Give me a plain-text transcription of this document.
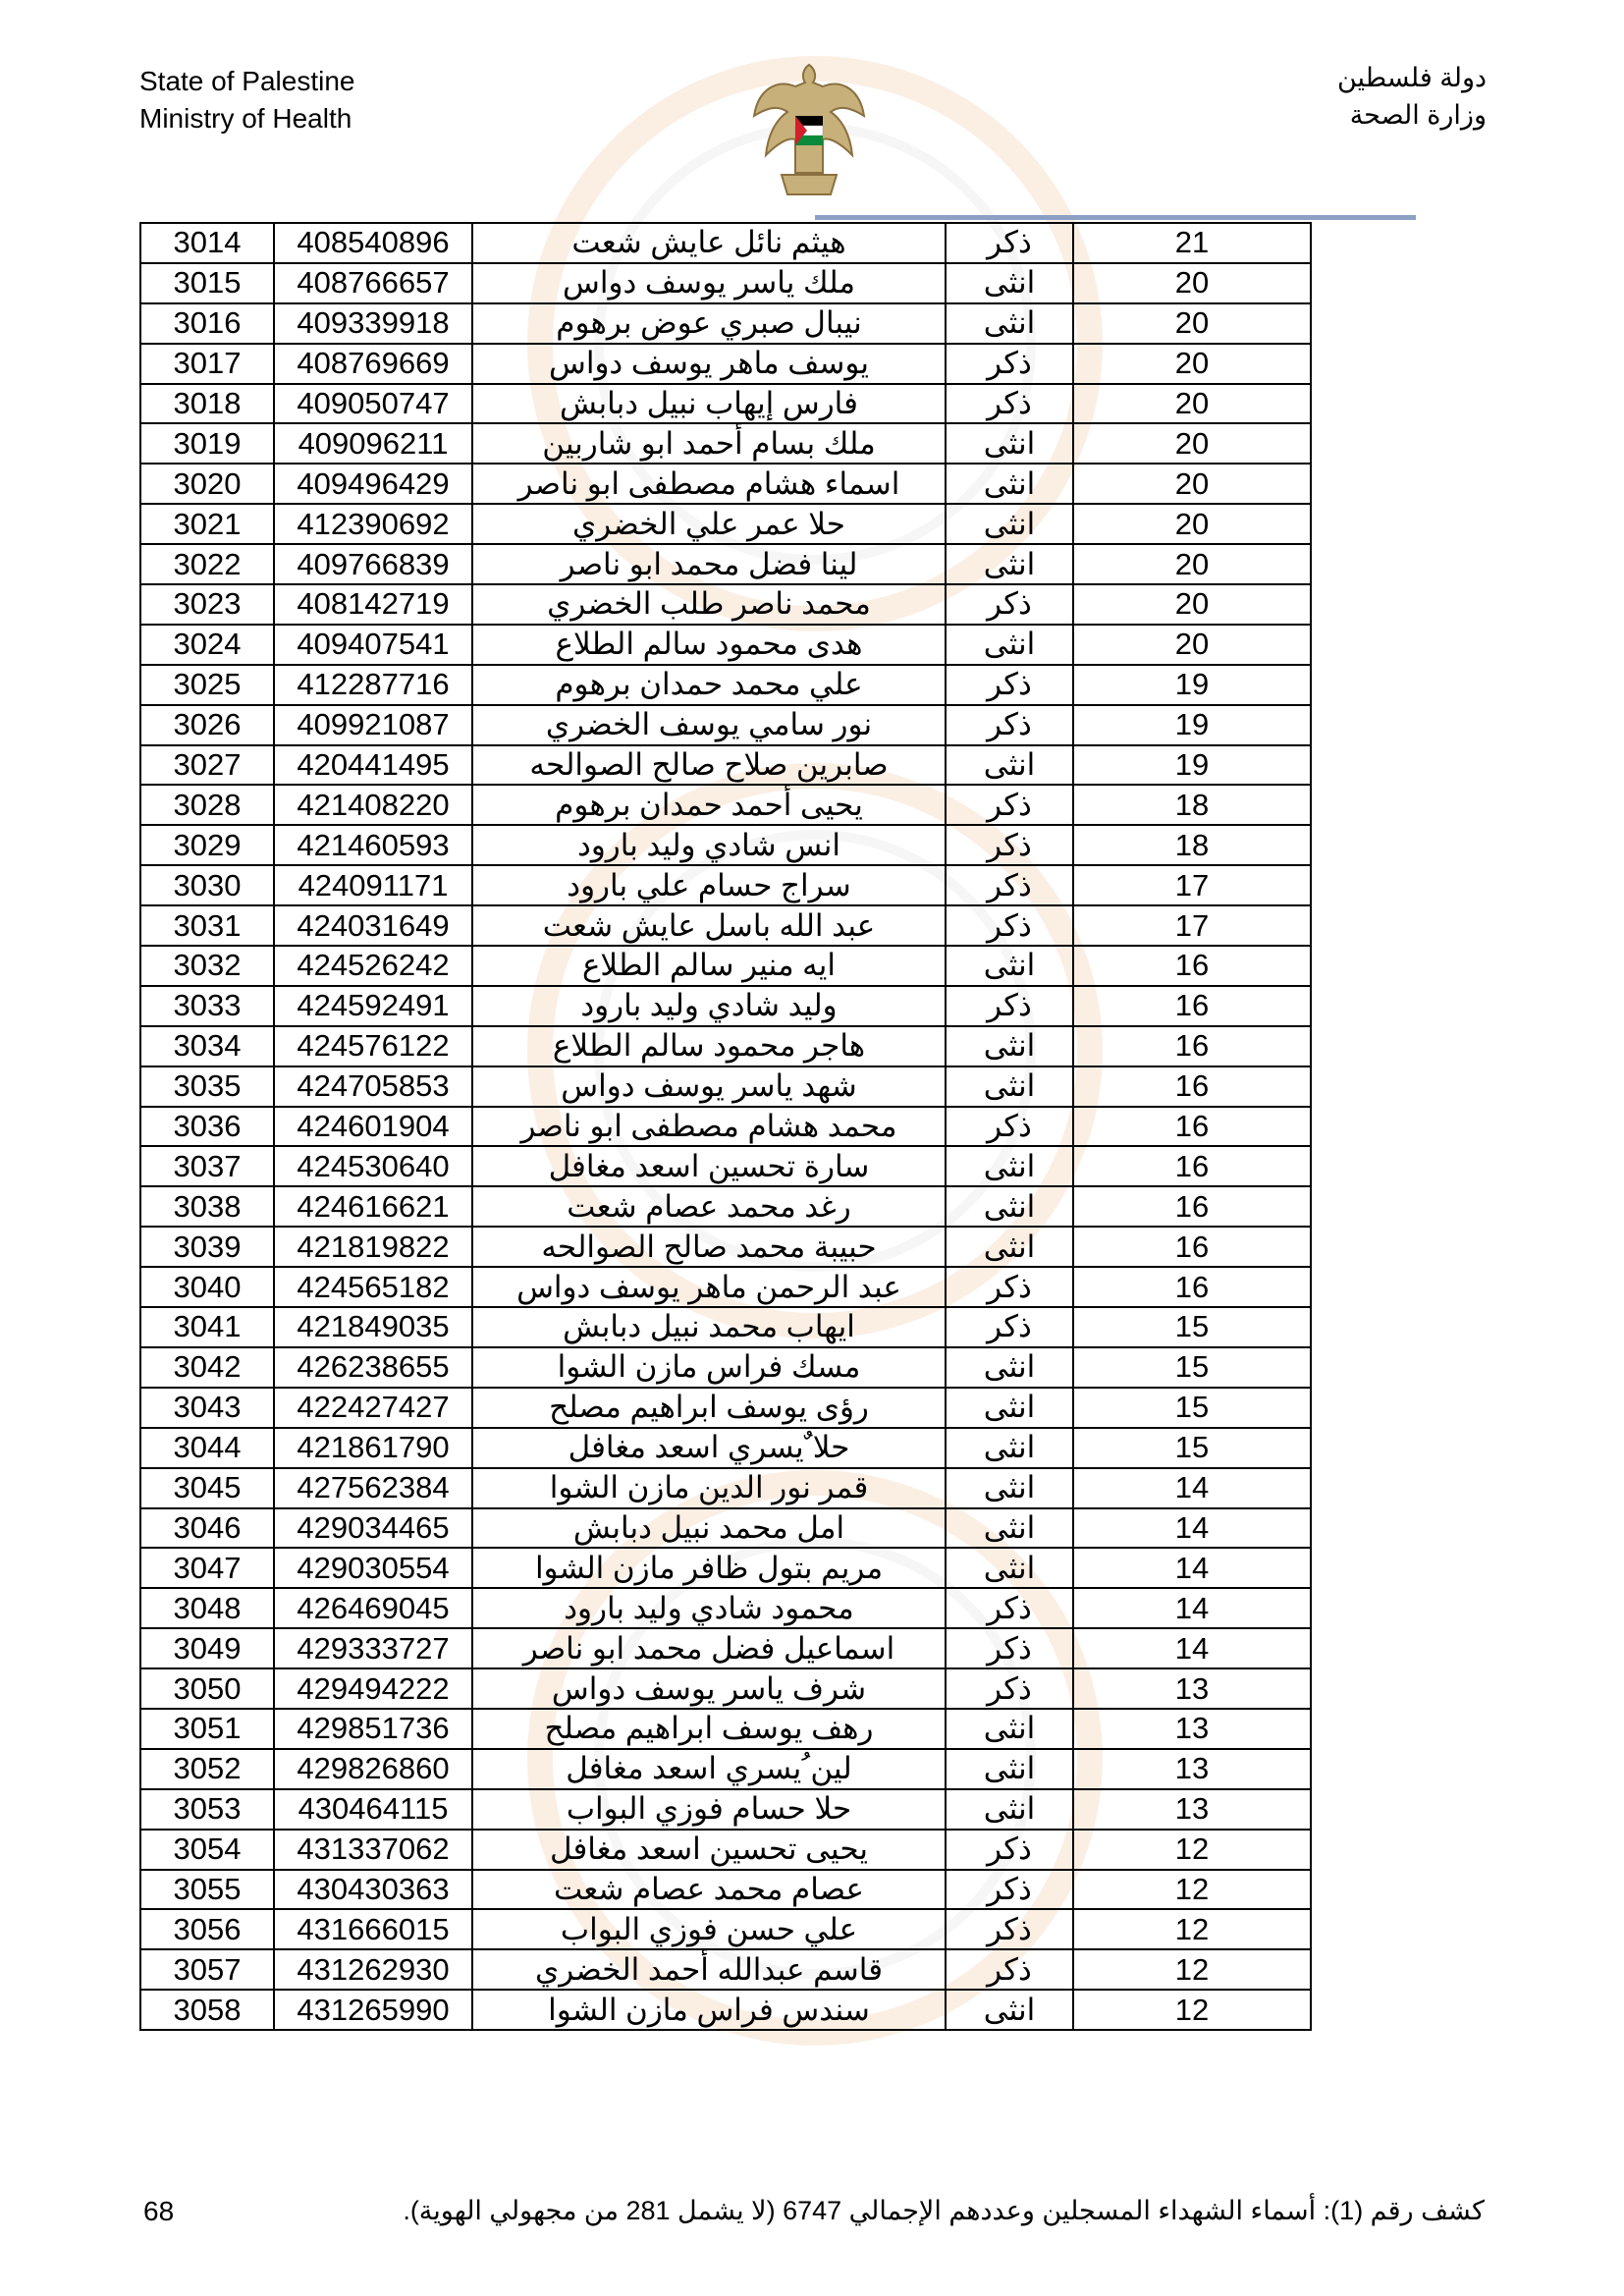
State of Palestine
Ministry of Health
دولة فلسطين
وزارة الصحة
3014	408540896	هيثم نائل عايش شعت	ذكر	21
3015	408766657	ملك ياسر يوسف دواس	انثى	20
3016	409339918	نيبال صبري عوض برهوم	انثى	20
3017	408769669	يوسف ماهر يوسف دواس	ذكر	20
3018	409050747	فارس إيهاب نبيل دبابش	ذكر	20
3019	409096211	ملك بسام أحمد ابو شاربين	انثى	20
3020	409496429	اسماء هشام مصطفى ابو ناصر	انثى	20
3021	412390692	حلا عمر علي الخضري	انثى	20
3022	409766839	لينا فضل محمد ابو ناصر	انثى	20
3023	408142719	محمد ناصر طلب الخضري	ذكر	20
3024	409407541	هدى محمود سالم الطلاع	انثى	20
3025	412287716	علي محمد حمدان برهوم	ذكر	19
3026	409921087	نور سامي يوسف الخضري	ذكر	19
3027	420441495	صابرين صلاح صالح الصوالحه	انثى	19
3028	421408220	يحيى أحمد حمدان برهوم	ذكر	18
3029	421460593	انس شادي وليد بارود	ذكر	18
3030	424091171	سراج حسام علي بارود	ذكر	17
3031	424031649	عبد الله باسل عايش شعت	ذكر	17
3032	424526242	ايه منير سالم الطلاع	انثى	16
3033	424592491	وليد شادي وليد بارود	ذكر	16
3034	424576122	هاجر محمود سالم الطلاع	انثى	16
3035	424705853	شهد ياسر يوسف دواس	انثى	16
3036	424601904	محمد هشام مصطفى ابو ناصر	ذكر	16
3037	424530640	سارة تحسين اسعد مغافل	انثى	16
3038	424616621	رغد محمد عصام شعت	انثى	16
3039	421819822	حبيبة محمد صالح الصوالحه	انثى	16
3040	424565182	عبد الرحمن ماهر يوسف دواس	ذكر	16
3041	421849035	ايهاب محمد نبيل دبابش	ذكر	15
3042	426238655	مسك فراس مازن الشوا	انثى	15
3043	422427427	رؤى يوسف ابراهيم مصلح	انثى	15
3044	421861790	حلا ٌيسري اسعد مغافل	انثى	15
3045	427562384	قمر نور الدين مازن الشوا	انثى	14
3046	429034465	امل محمد نبيل دبابش	انثى	14
3047	429030554	مريم بتول ظافر مازن الشوا	انثى	14
3048	426469045	محمود شادي وليد بارود	ذكر	14
3049	429333727	اسماعيل فضل محمد ابو ناصر	ذكر	14
3050	429494222	شرف ياسر يوسف دواس	ذكر	13
3051	429851736	رهف يوسف ابراهيم مصلح	انثى	13
3052	429826860	لين ُيسري اسعد مغافل	انثى	13
3053	430464115	حلا حسام فوزي البواب	انثى	13
3054	431337062	يحيى تحسين اسعد مغافل	ذكر	12
3055	430430363	عصام محمد عصام شعت	ذكر	12
3056	431666015	علي حسن فوزي البواب	ذكر	12
3057	431262930	قاسم عبدالله أحمد الخضري	ذكر	12
3058	431265990	سندس فراس مازن الشوا	انثى	12
68	كشف رقم (1): أسماء الشهداء المسجلين وعددهم الإجمالي 6747 (لا يشمل 281 من مجهولي الهوية).
